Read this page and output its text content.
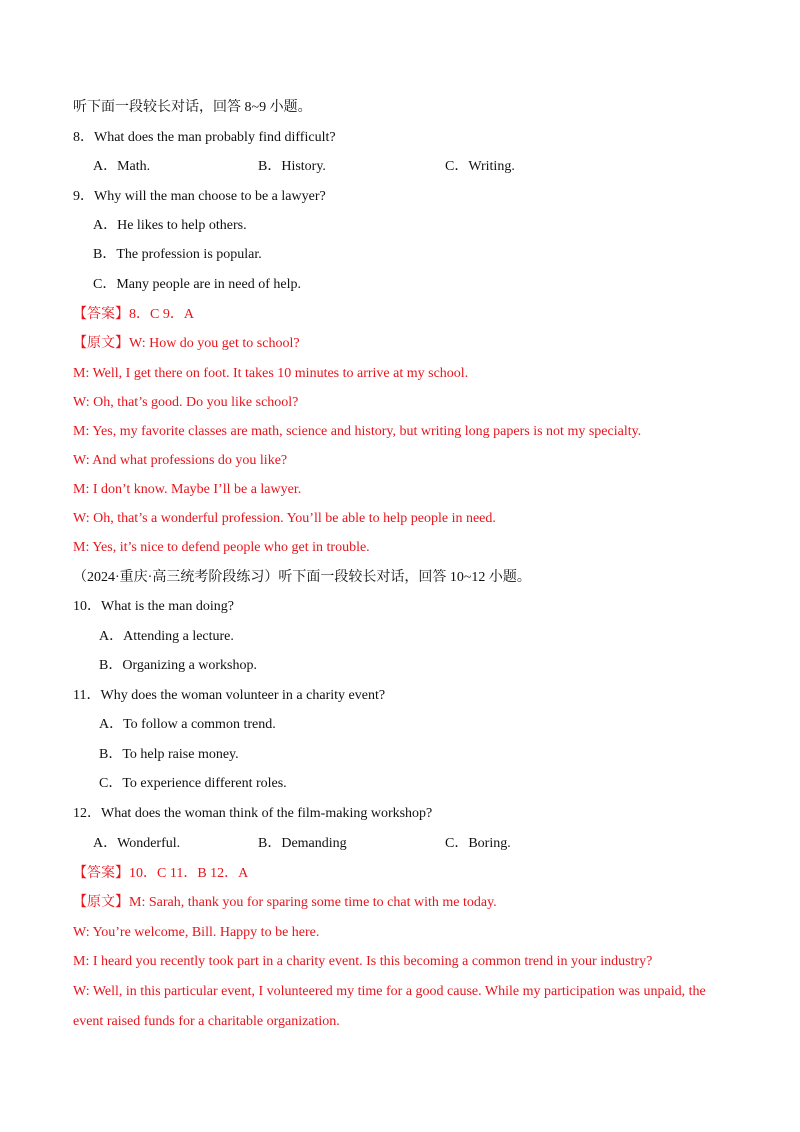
听下面一段较长对话，回答 8~9 小题。
8．What does the man probably find difficult?
A．Math.	B．History.	C．Writing.
9．Why will the man choose to be a lawyer?
A．He likes to help others.
B．The profession is popular.
C．Many people are in need of help.
【答案】8．C 9．A
【原文】W: How do you get to school?
M: Well, I get there on foot. It takes 10 minutes to arrive at my school.
W: Oh, that’s good. Do you like school?
M: Yes, my favorite classes are math, science and history, but writing long papers is not my specialty.
W: And what professions do you like?
M: I don’t know. Maybe I’ll be a lawyer.
W: Oh, that’s a wonderful profession. You’ll be able to help people in need.
M: Yes, it’s nice to defend people who get in trouble.
（2024·重庆·高三统考阶段练习）听下面一段较长对话，回答 10~12 小题。
10．What is the man doing?
A．Attending a lecture.
B．Organizing a workshop.
11．Why does the woman volunteer in a charity event?
A．To follow a common trend.
B．To help raise money.
C．To experience different roles.
12．What does the woman think of the film-making workshop?
A．Wonderful.	B．Demanding	C．Boring.
【答案】10．C 11．B 12．A
【原文】M: Sarah, thank you for sparing some time to chat with me today.
W: You’re welcome, Bill. Happy to be here.
M: I heard you recently took part in a charity event. Is this becoming a common trend in your industry?
W: Well, in this particular event, I volunteered my time for a good cause. While my participation was unpaid, the
event raised funds for a charitable organization.
